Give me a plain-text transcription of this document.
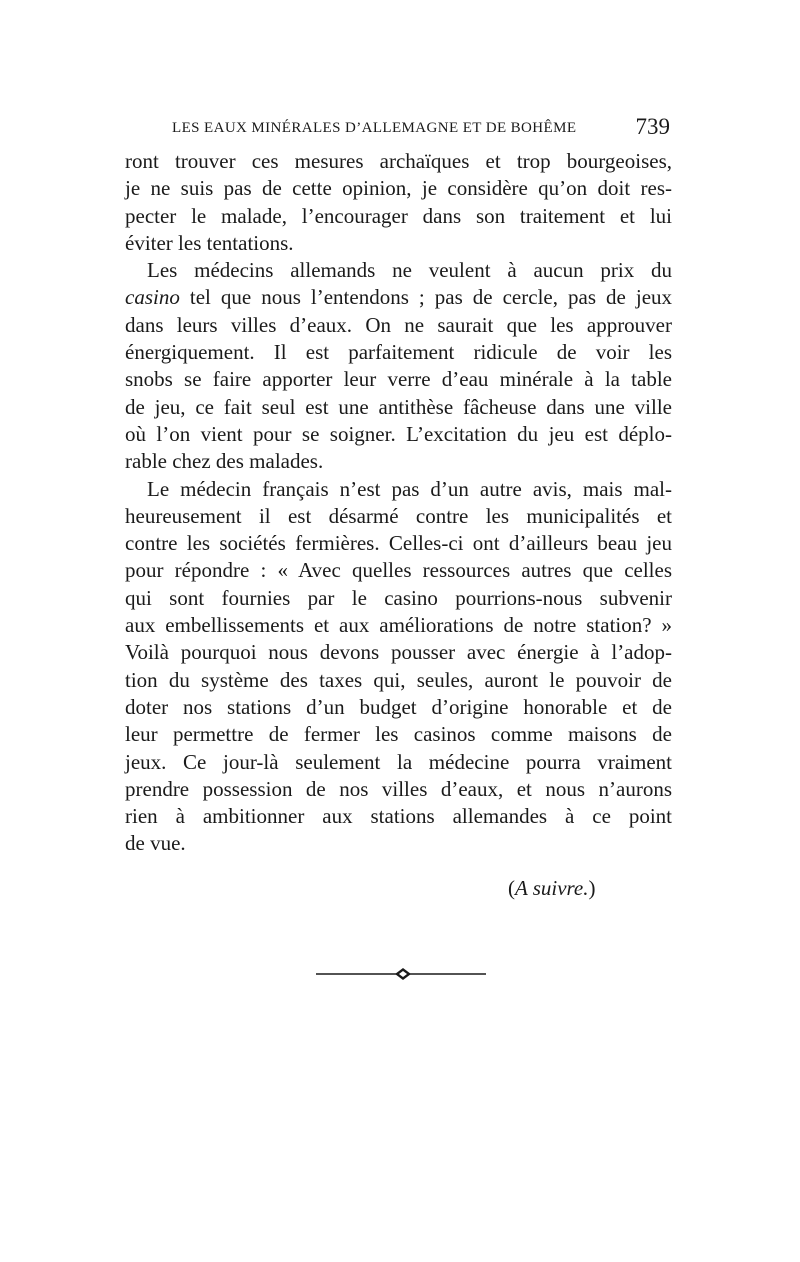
LES EAUX MINÉRALES D’ALLEMAGNE ET DE BOHÊME	739
ront trouver ces mesures archaïques et trop bourgeoises,
je ne suis pas de cette opinion, je considère qu’on doit res-
pecter le malade, l’encourager dans son traitement et lui
éviter les tentations.
Les médecins allemands ne veulent à aucun prix du
casino tel que nous l’entendons ; pas de cercle, pas de jeux
dans leurs villes d’eaux. On ne saurait que les approuver
énergiquement. Il est parfaitement ridicule de voir les
snobs se faire apporter leur verre d’eau minérale à la table
de jeu, ce fait seul est une antithèse fâcheuse dans une ville
où l’on vient pour se soigner. L’excitation du jeu est déplo-
rable chez des malades.
Le médecin français n’est pas d’un autre avis, mais mal-
heureusement il est désarmé contre les municipalités et
contre les sociétés fermières. Celles-ci ont d’ailleurs beau jeu
pour répondre : « Avec quelles ressources autres que celles
qui sont fournies par le casino pourrions-nous subvenir
aux embellissements et aux améliorations de notre station? »
Voilà pourquoi nous devons pousser avec énergie à l’adop-
tion du système des taxes qui, seules, auront le pouvoir de
doter nos stations d’un budget d’origine honorable et de
leur permettre de fermer les casinos comme maisons de
jeux. Ce jour-là seulement la médecine pourra vraiment
prendre possession de nos villes d’eaux, et nous n’aurons
rien à ambitionner aux stations allemandes à ce point
de vue.
(A suivre.)
